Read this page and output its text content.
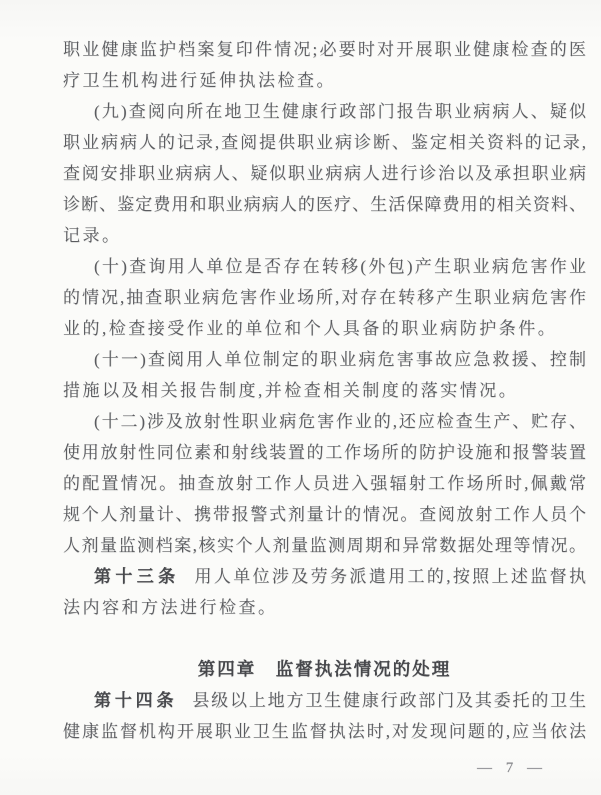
职业健康监护档案复印件情况;必要时对开展职业健康检查的医
疗卫生机构进行延伸执法检查。
(九)查阅向所在地卫生健康行政部门报告职业病病人、疑似
职业病病人的记录,查阅提供职业病诊断、鉴定相关资料的记录,
查阅安排职业病病人、疑似职业病病人进行诊治以及承担职业病
诊断、鉴定费用和职业病病人的医疗、生活保障费用的相关资料、
记录。
(十)查询用人单位是否存在转移(外包)产生职业病危害作业
的情况,抽查职业病危害作业场所,对存在转移产生职业病危害作
业的,检查接受作业的单位和个人具备的职业病防护条件。
(十一)查阅用人单位制定的职业病危害事故应急救援、控制
措施以及相关报告制度,并检查相关制度的落实情况。
(十二)涉及放射性职业病危害作业的,还应检查生产、贮存、
使用放射性同位素和射线装置的工作场所的防护设施和报警装置
的配置情况。抽查放射工作人员进入强辐射工作场所时,佩戴常
规个人剂量计、携带报警式剂量计的情况。查阅放射工作人员个
人剂量监测档案,核实个人剂量监测周期和异常数据处理等情况。
第十三条 用人单位涉及劳务派遣用工的,按照上述监督执
法内容和方法进行检查。
第四章　监督执法情况的处理
第十四条 县级以上地方卫生健康行政部门及其委托的卫生
健康监督机构开展职业卫生监督执法时,对发现问题的,应当依法
— 7 —
